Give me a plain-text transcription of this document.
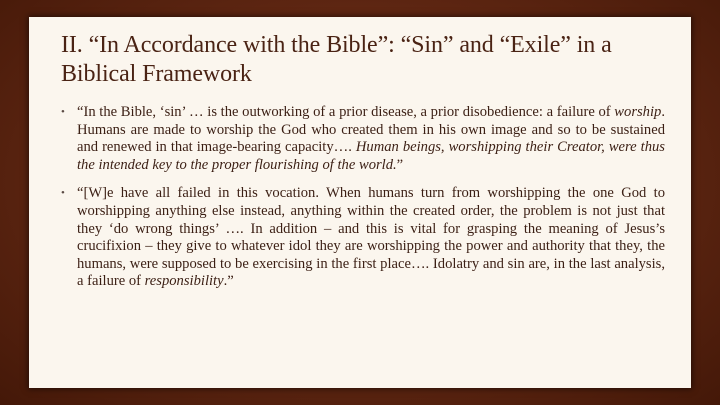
II. “In Accordance with the Bible”: “Sin” and “Exile” in a Biblical Framework
• “In the Bible, ‘sin’ … is the outworking of a prior disease, a prior disobedience: a failure of worship. Humans are made to worship the God who created them in his own image and so to be sustained and renewed in that image-bearing capacity…. Human beings, worshipping their Creator, were thus the intended key to the proper flourishing of the world.”
• “[W]e have all failed in this vocation. When humans turn from worshipping the one God to worshipping anything else instead, anything within the created order, the problem is not just that they ‘do wrong things’ …. In addition – and this is vital for grasping the meaning of Jesus’s crucifixion – they give to whatever idol they are worshipping the power and authority that they, the humans, were supposed to be exercising in the first place…. Idolatry and sin are, in the last analysis, a failure of responsibility.”
